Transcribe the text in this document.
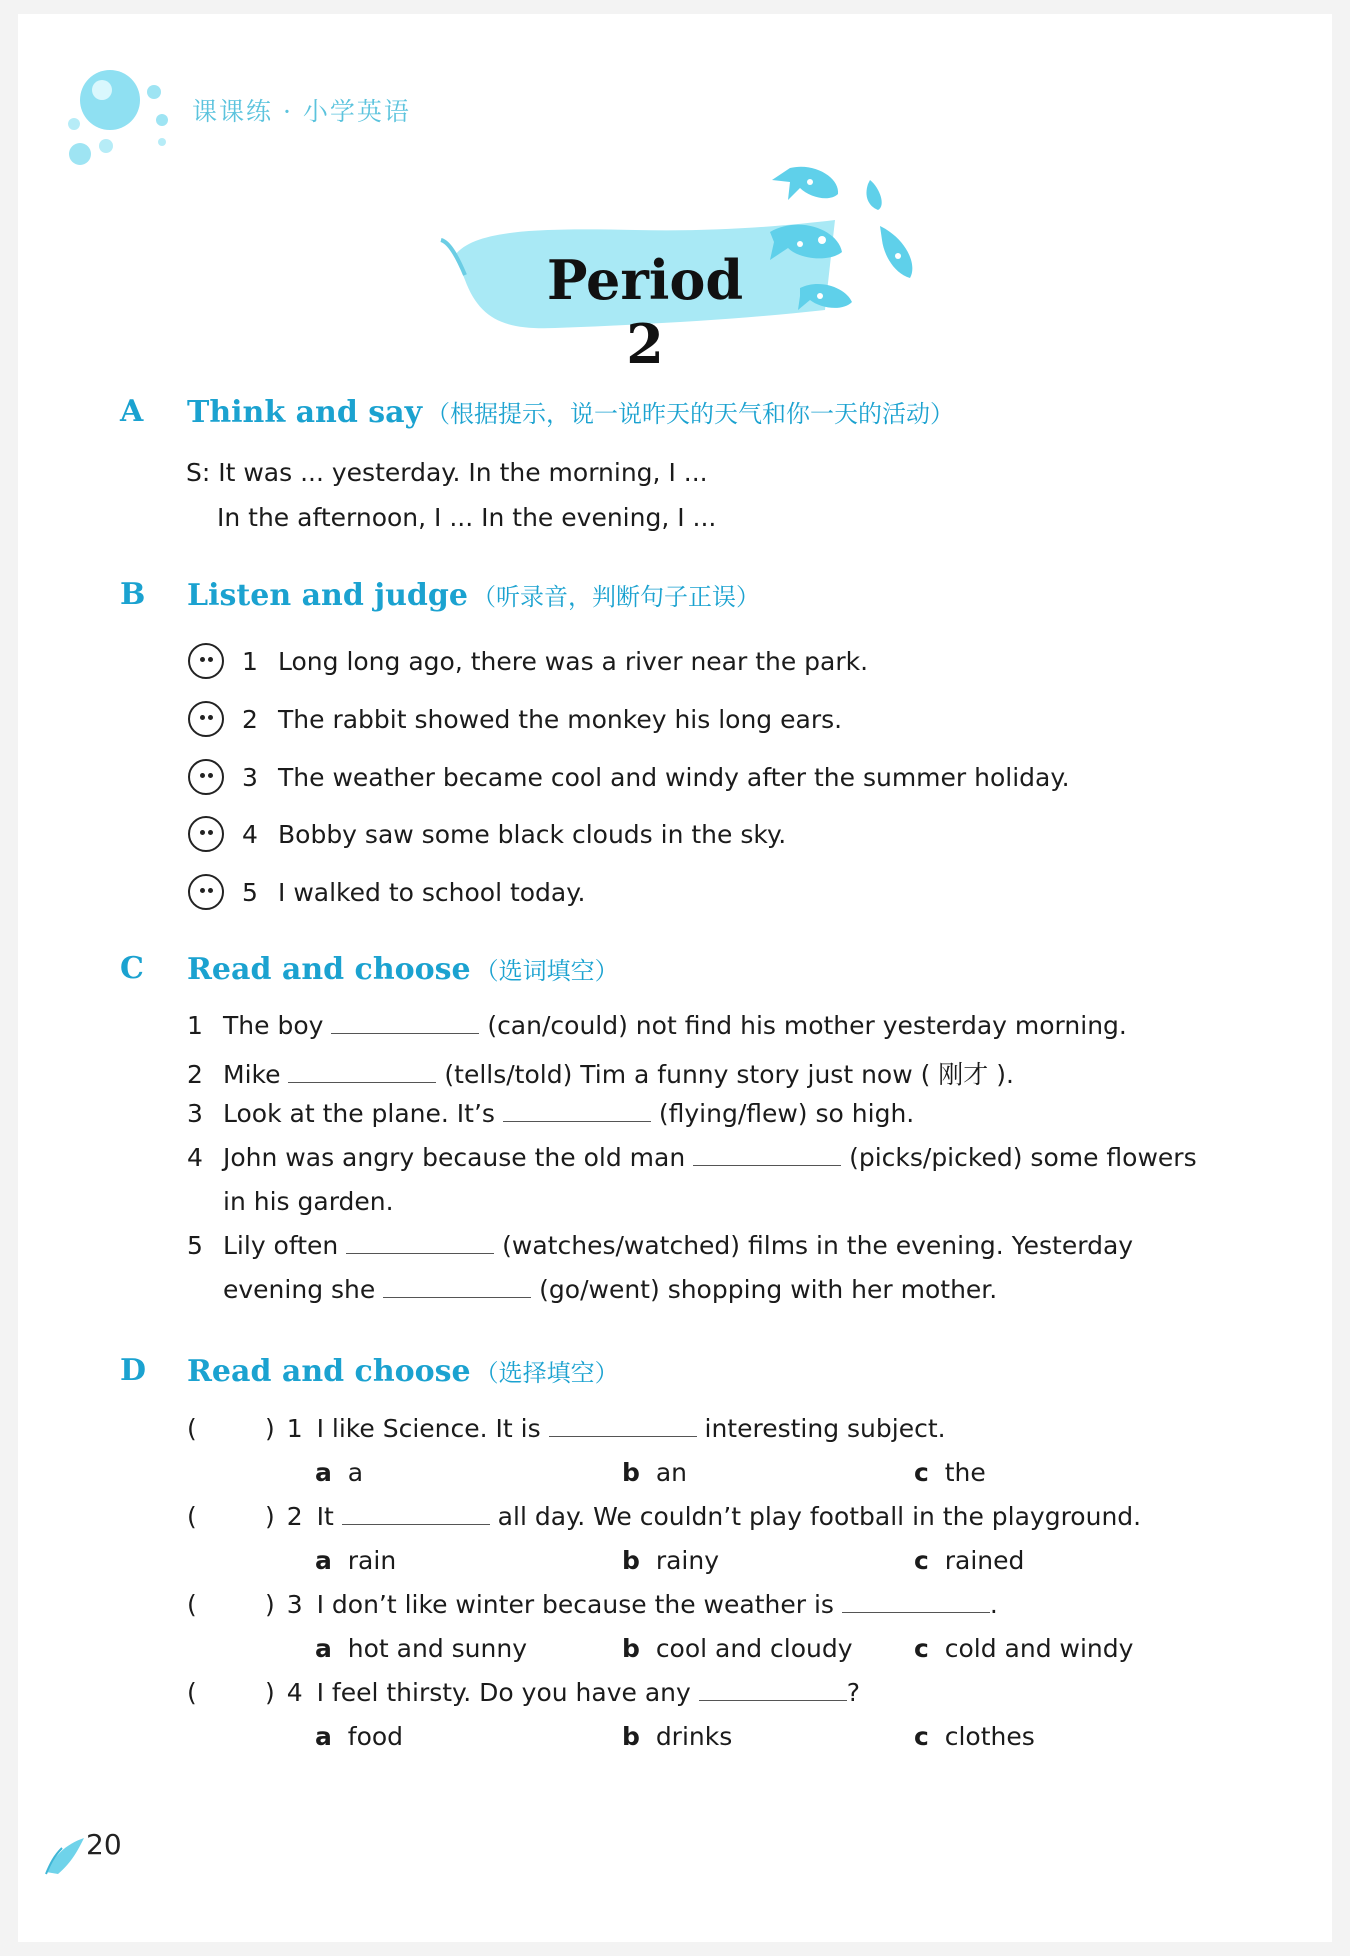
课课练 · 小学英语
Period 2
A Think and say （根据提示，说一说昨天的天气和你一天的活动）
S: It was ... yesterday. In the morning, I ...
In the afternoon, I ... In the evening, I ...
B Listen and judge （听录音，判断句子正误）
1 Long long ago, there was a river near the park.
2 The rabbit showed the monkey his long ears.
3 The weather became cool and windy after the summer holiday.
4 Bobby saw some black clouds in the sky.
5 I walked to school today.
C Read and choose （选词填空）
1 The boy	(can/could) not find his mother yesterday morning.
2 Mike	(tells/told) Tim a funny story just now ( 刚才 ).
3 Look at the plane. It’s	(flying/flew) so high.
4 John was angry because the old man	(picks/picked) some flowers
in his garden.
5 Lily often	(watches/watched) films in the evening. Yesterday
evening she	(go/went) shopping with her mother.
D Read and choose （选择填空）
(	) 1 I like Science. It is	interesting subject.
a a	b an	c the
(	) 2 It	all day. We couldn’t play football in the playground.
a rain	b rainy	c rained
(	) 3 I don’t like winter because the weather is	.
a hot and sunny	b cool and cloudy c cold and windy
(	) 4 I feel thirsty. Do you have any	?
a food	b drinks	c clothes
20
